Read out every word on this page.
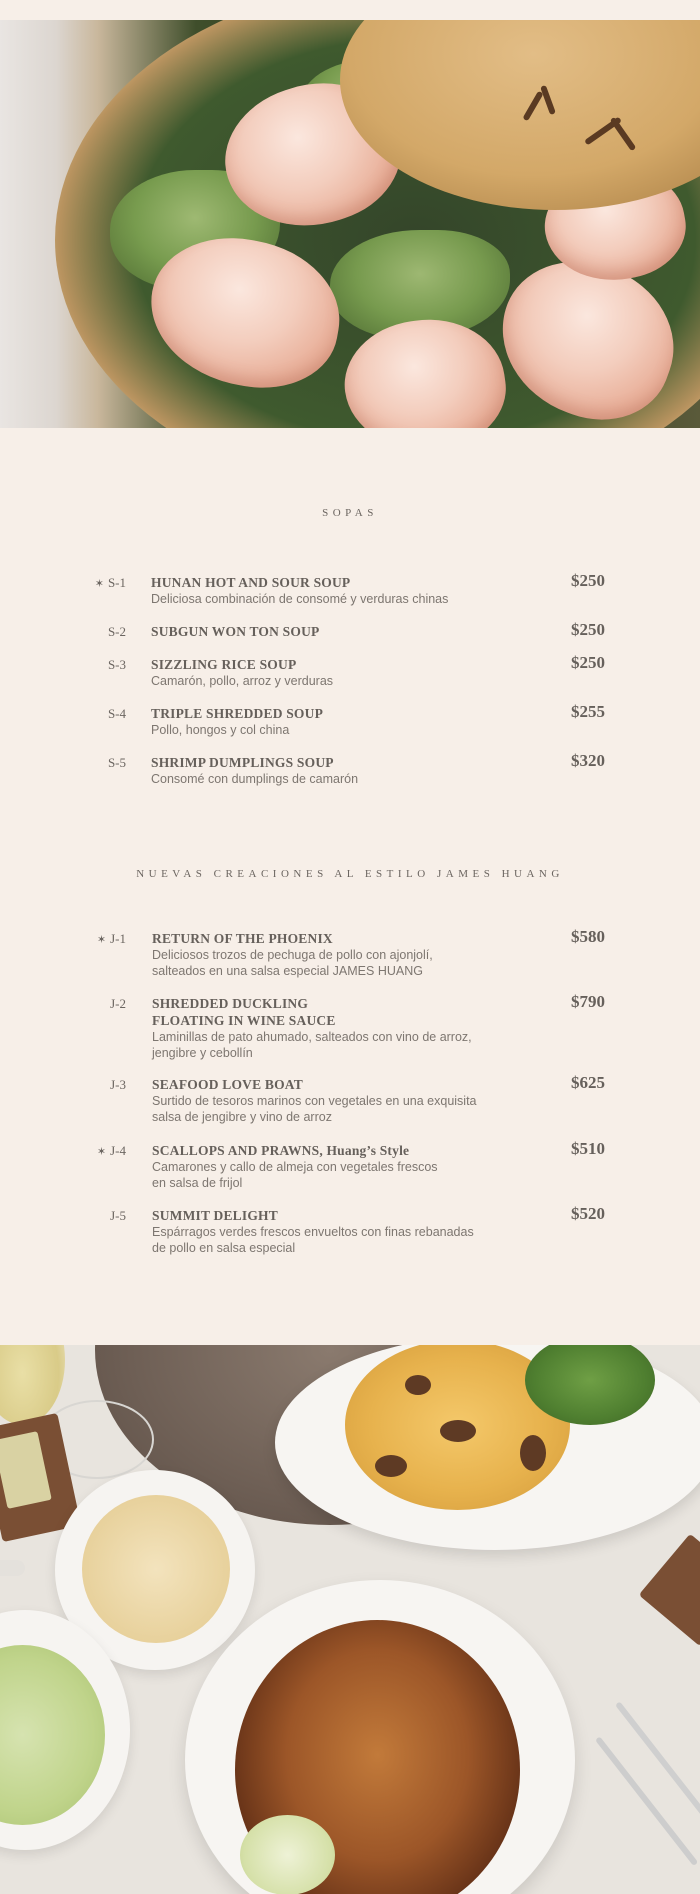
SOPAS
✶ S-1 HUNAN HOT AND SOUR SOUP
Deliciosa combinación de consomé y verduras chinas
$250
S-2 SUBGUN WON TON SOUP	$250
S-3 SIZZLING RICE SOUP
Camarón, pollo, arroz y verduras
$250
S-4 TRIPLE SHREDDED SOUP
Pollo, hongos y col china
$255
S-5 SHRIMP DUMPLINGS SOUP
Consomé con dumplings de camarón
$320
NUEVAS CREACIONES AL ESTILO JAMES HUANG
✶ J-1 RETURN OF THE PHOENIX
Deliciosos trozos de pechuga de pollo con ajonjolí,
salteados en una salsa especial JAMES HUANG
$580
J-2 SHREDDED DUCKLING
FLOATING IN WINE SAUCE
Laminillas de pato ahumado, salteados con vino de arroz,
jengibre y cebollín
$790
J-3 SEAFOOD LOVE BOAT
Surtido de tesoros marinos con vegetales en una exquisita
salsa de jengibre y vino de arroz
$625
✶ J-4 SCALLOPS AND PRAWNS, Huang’s Style
Camarones y callo de almeja con vegetales frescos
en salsa de frijol
$510
J-5 SUMMIT DELIGHT
Espárragos verdes frescos envueltos con finas rebanadas
de pollo en salsa especial
$520
